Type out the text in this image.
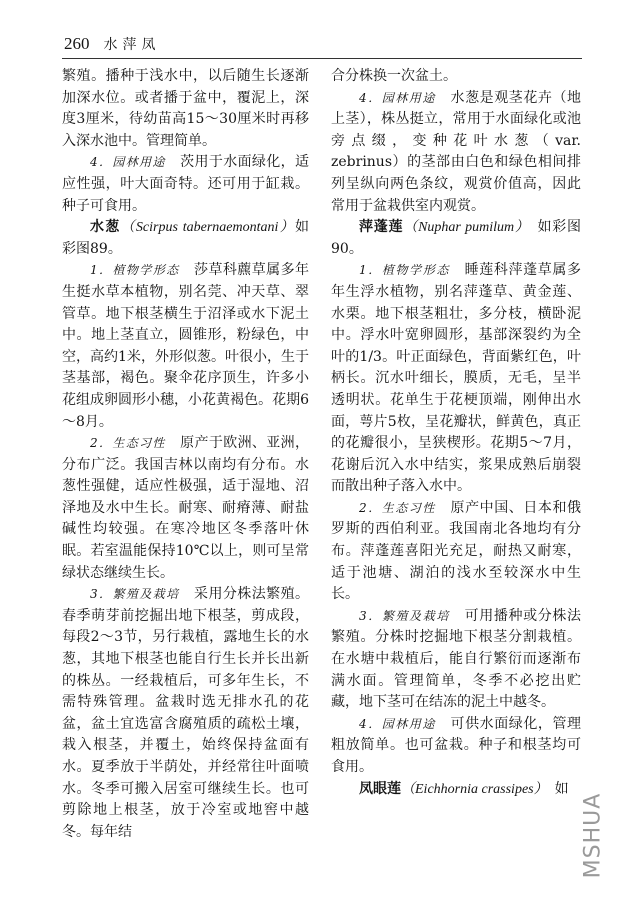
260 水萍凤

繁殖。播种于浅水中，以后随生长逐渐加深水位。或者播于盆中，覆泥上，深度3厘米，待幼苗高15～30厘米时再移入深水池中。管理简单。

4．园林用途　茨用于水面绿化，适应性强，叶大面奇特。还可用于缸栽。种子可食用。

水葱（Scirpus tabernaemontani）如彩图89。

1．植物学形态　莎草科藨草属多年生挺水草本植物，别名莞、冲天草、翠管草。地下根茎横生于沼泽或水下泥土中。地上茎直立，圆锥形，粉绿色，中空，高约1米，外形似葱。叶很小，生于茎基部，褐色。聚伞花序顶生，许多小花组成卵圆形小穗，小花黄褐色。花期6～8月。

2．生态习性　原产于欧洲、亚洲，分布广泛。我国吉林以南均有分布。水葱性强健，适应性极强，适于湿地、沼泽地及水中生长。耐寒、耐瘠薄、耐盐碱性均较强。在寒冷地区冬季落叶休眠。若室温能保持10℃以上，则可呈常绿状态继续生长。

3．繁殖及栽培　采用分株法繁殖。春季萌芽前挖掘出地下根茎，剪成段，每段2～3节，另行栽植，露地生长的水葱，其地下根茎也能自行生长并长出新的株丛。一经栽植后，可多年生长，不需特殊管理。盆栽时选无排水孔的花盆，盆土宜选富含腐殖质的疏松土壤，栽入根茎，并覆土，始终保持盆面有水。夏季放于半荫处，并经常往叶面喷水。冬季可搬入居室可继续生长。也可剪除地上根茎，放于冷室或地窖中越冬。每年结

合分株换一次盆土。

4．园林用途　水葱是观茎花卉（地上茎），株丛挺立，常用于水面绿化或池旁点缀，变种花叶水葱（var. zebrinus）的茎部由白色和绿色相间排列呈纵向两色条纹，观赏价值高，因此常用于盆栽供室内观赏。

萍蓬莲（Nuphar pumilum）　如彩图90。

1．植物学形态　睡莲科萍蓬草属多年生浮水植物，别名萍蓬草、黄金莲、水栗。地下根茎粗壮，多分枝，横卧泥中。浮水叶宽卵圆形，基部深裂约为全叶的1/3。叶正面绿色，背面紫红色，叶柄长。沉水叶细长，膜质，无毛，呈半透明状。花单生于花梗顶端，刚伸出水面，萼片5枚，呈花瓣状，鲜黄色，真正的花瓣很小，呈狭楔形。花期5～7月，花谢后沉入水中结实，浆果成熟后崩裂而散出种子落入水中。

2．生态习性　原产中国、日本和俄罗斯的西伯利亚。我国南北各地均有分布。萍蓬莲喜阳光充足，耐热又耐寒，适于池塘、湖泊的浅水至较深水中生长。

3．繁殖及栽培　可用播种或分株法繁殖。分株时挖掘地下根茎分割栽植。在水塘中栽植后，能自行繁衍而逐渐布满水面。管理简单，冬季不必挖出贮藏，地下茎可在结冻的泥土中越冬。

4．园林用途　可供水面绿化，管理粗放简单。也可盆栽。种子和根茎均可食用。

凤眼莲（Eichhornia crassipes）　如

MSHUA
